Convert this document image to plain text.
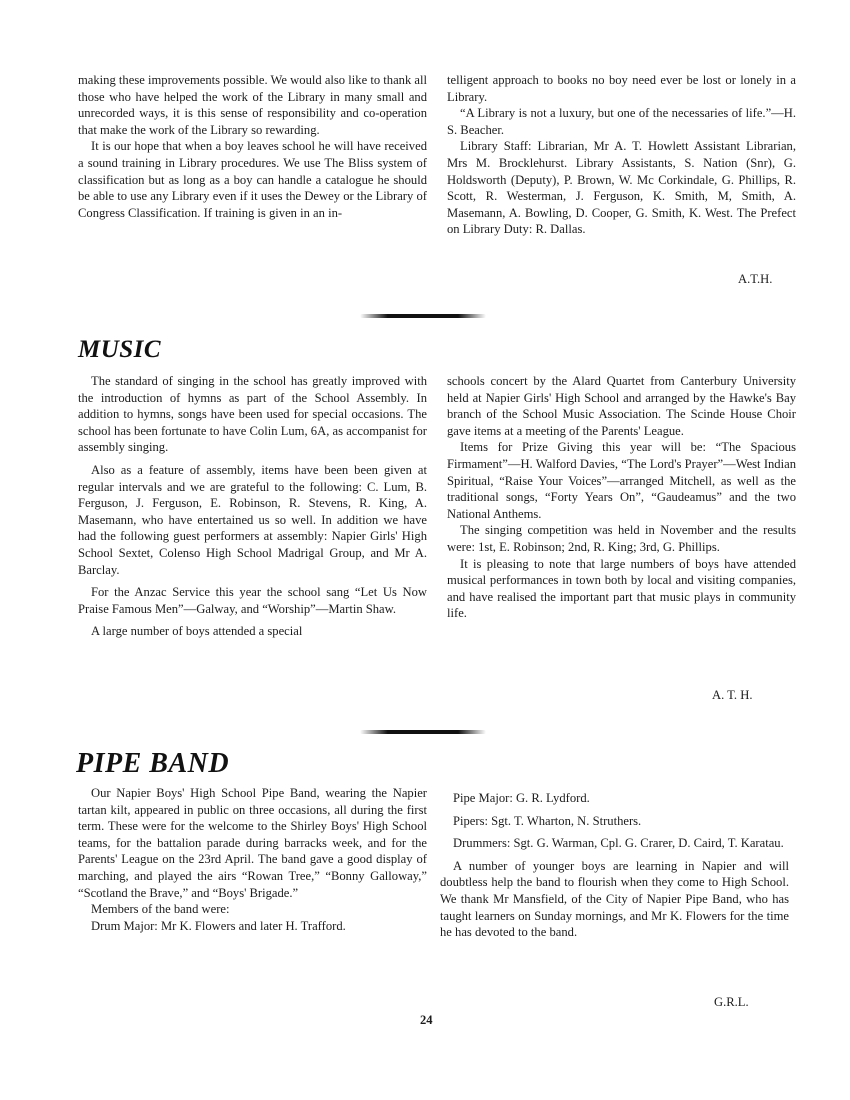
making these improvements possible. We would also like to thank all those who have helped the work of the Library in many small and unrecorded ways, it is this sense of responsibility and co-operation that make the work of the Library so rewarding.

It is our hope that when a boy leaves school he will have received a sound training in Library procedures. We use The Bliss system of classification but as long as a boy can handle a catalogue he should be able to use any Library even if it uses the Dewey or the Library of Congress Classification. If training is given in an in-

telligent approach to books no boy need ever be lost or lonely in a Library.

“A Library is not a luxury, but one of the necessaries of life.”—H. S. Beacher.

Library Staff: Librarian, Mr A. T. Howlett Assistant Librarian, Mrs M. Brocklehurst. Library Assistants, S. Nation (Snr), G. Holdsworth (Deputy), P. Brown, W. Mc Corkindale, G. Phillips, R. Scott, R. Westerman, J. Ferguson, K. Smith, M, Smith, A. Masemann, A. Bowling, D. Cooper, G. Smith, K. West. The Prefect on Library Duty: R. Dallas.

A.T.H.
MUSIC

The standard of singing in the school has greatly improved with the introduction of hymns as part of the School Assembly. In addition to hymns, songs have been used for special occasions. The school has been fortunate to have Colin Lum, 6A, as accompanist for assembly singing.

Also as a feature of assembly, items have been been given at regular intervals and we are grateful to the following: C. Lum, B. Ferguson, J. Ferguson, E. Robinson, R. Stevens, R. King, A. Masemann, who have entertained us so well. In addition we have had the following guest performers at assembly: Napier Girls' High School Sextet, Colenso High School Madrigal Group, and Mr A. Barclay.

For the Anzac Service this year the school sang “Let Us Now Praise Famous Men”—Galway, and “Worship”—Martin Shaw.

A large number of boys attended a special

schools concert by the Alard Quartet from Canterbury University held at Napier Girls' High School and arranged by the Hawke's Bay branch of the School Music Association. The Scinde House Choir gave items at a meeting of the Parents' League.

Items for Prize Giving this year will be: “The Spacious Firmament”—H. Walford Davies, “The Lord's Prayer”—West Indian Spiritual, “Raise Your Voices”—arranged Mitchell, as well as the traditional songs, “Forty Years On”, “Gaudeamus” and the two National Anthems.

The singing competition was held in November and the results were: 1st, E. Robinson; 2nd, R. King; 3rd, G. Phillips.

It is pleasing to note that large numbers of boys have attended musical performances in town both by local and visiting companies, and have realised the important part that music plays in community life.

A. T. H.
PIPE BAND

Our Napier Boys' High School Pipe Band, wearing the Napier tartan kilt, appeared in public on three occasions, all during the first term. These were for the welcome to the Shirley Boys' High School teams, for the battalion parade during barracks week, and for the Parents' League on the 23rd April. The band gave a good display of marching, and played the airs “Rowan Tree,” “Bonny Galloway,” “Scotland the Brave,” and “Boys' Brigade.”

Members of the band were:

Drum Major: Mr K. Flowers and later H. Trafford.

Pipe Major: G. R. Lydford.

Pipers: Sgt. T. Wharton, N. Struthers.

Drummers: Sgt. G. Warman, Cpl. G. Crarer, D. Caird, T. Karatau.

A number of younger boys are learning in Napier and will doubtless help the band to flourish when they come to High School. We thank Mr Mansfield, of the City of Napier Pipe Band, who has taught learners on Sunday mornings, and Mr K. Flowers for the time he has devoted to the band.

G.R.L.
24
